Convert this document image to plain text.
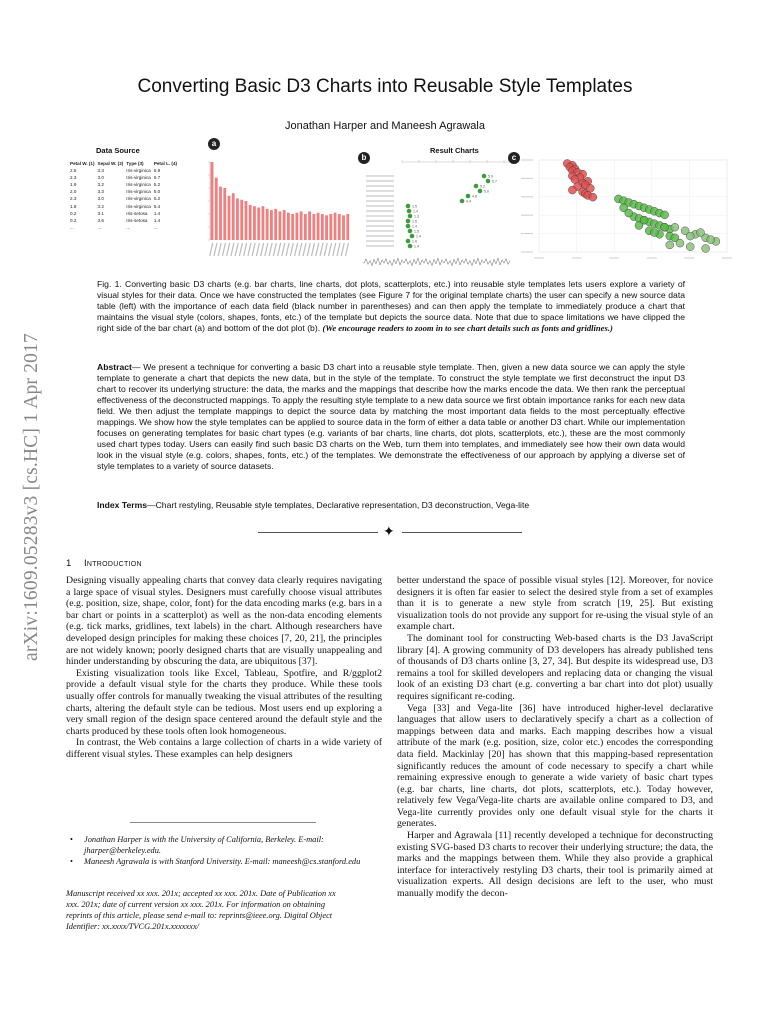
arXiv:1609.05283v3 [cs.HC] 1 Apr 2017
Converting Basic D3 Charts into Reusable Style Templates
Jonathan Harper and Maneesh Agrawala
Data Source
a
Petal W. (1)	Sepal W. (2)	Type (3)	Petal L. (4)
2.5	3.3	Iris-virginica	5.9
2.3	3.0	Iris-virginica	5.7
1.9	3.2	Iris-virginica	5.2
2.0	3.3	Iris-virginica	5.0
2.3	3.0	Iris-virginica	5.2
1.8	3.2	Iris-virginica	5.4
0.2	3.1	Iris-setosa	1.4
0.2	3.6	Iris-setosa	1.4
...	...	...	...
Result Charts
b	c
5.9
5.7
5.2
5.0
4.8
4.4
1.5
1.4
1.3
1.6
1.4
1.5
1.4
1.6
1.4
Fig. 1. Converting basic D3 charts (e.g. bar charts, line charts, dot plots, scatterplots, etc.) into reusable style templates lets users explore a variety of visual styles for their data. Once we have constructed the templates (see Figure 7 for the original template charts) the user can specify a new source data table (left) with the importance of each data field (black number in parentheses) and can then apply the template to immediately produce a chart that maintains the visual style (colors, shapes, fonts, etc.) of the template but depicts the source data. Note that due to space limitations we have clipped the right side of the bar chart (a) and bottom of the dot plot (b). (We encourage readers to zoom in to see chart details such as fonts and gridlines.)
Abstract— We present a technique for converting a basic D3 chart into a reusable style template. Then, given a new data source we can apply the style template to generate a chart that depicts the new data, but in the style of the template. To construct the style template we first deconstruct the input D3 chart to recover its underlying structure: the data, the marks and the mappings that describe how the marks encode the data. We then rank the perceptual effectiveness of the deconstructed mappings. To apply the resulting style template to a new data source we first obtain importance ranks for each new data field. We then adjust the template mappings to depict the source data by matching the most important data fields to the most perceptually effective mappings. We show how the style templates can be applied to source data in the form of either a data table or another D3 chart. While our implementation focuses on generating templates for basic chart types (e.g. variants of bar charts, line charts, dot plots, scatterplots, etc.), these are the most commonly used chart types today. Users can easily find such basic D3 charts on the Web, turn them into templates, and immediately see how their own data would look in the visual style (e.g. colors, shapes, fonts, etc.) of the templates. We demonstrate the effectiveness of our approach by applying a diverse set of style templates to a variety of source datasets.
Index Terms—Chart restyling, Reusable style templates, Declarative representation, D3 deconstruction, Vega-lite
✦
1 Introduction

Designing visually appealing charts that convey data clearly requires navigating a large space of visual styles. Designers must carefully choose visual attributes (e.g. position, size, shape, color, font) for the data encoding marks (e.g. bars in a bar chart or points in a scatterplot) as well as the non-data encoding elements (e.g. tick marks, gridlines, text labels) in the chart. Although researchers have developed design principles for making these choices [7, 20, 21], the principles are not widely known; poorly designed charts that are visually unappealing and hinder understanding by obscuring the data, are ubiquitous [37].

Existing visualization tools like Excel, Tableau, Spotfire, and R/ggplot2 provide a default visual style for the charts they produce. While these tools usually offer controls for manually tweaking the visual attributes of the resulting charts, altering the default style can be tedious. Most users end up exploring a very small region of the design space centered around the default style and the charts produced by these tools often look homogeneous.

In contrast, the Web contains a large collection of charts in a wide variety of different visual styles. These examples can help designers

•	Jonathan Harper is with the University of California, Berkeley. E-mail: jharper@berkeley.edu.
•	Maneesh Agrawala is with Stanford University. E-mail: maneesh@cs.stanford.edu
Manuscript received xx xxx. 201x; accepted xx xxx. 201x. Date of Publication xx xxx. 201x; date of current version xx xxx. 201x. For information on obtaining reprints of this article, please send e-mail to: reprints@ieee.org. Digital Object Identifier: xx.xxxx/TVCG.201x.xxxxxxx/

better understand the space of possible visual styles [12]. Moreover, for novice designers it is often far easier to select the desired style from a set of examples than it is to generate a new style from scratch [19, 25]. But existing visualization tools do not provide any support for re-using the visual style of an example chart.

The dominant tool for constructing Web-based charts is the D3 JavaScript library [4]. A growing community of D3 developers has already published tens of thousands of D3 charts online [3, 27, 34]. But despite its widespread use, D3 remains a tool for skilled developers and replacing data or changing the visual look of an existing D3 chart (e.g. converting a bar chart into dot plot) usually requires significant re-coding.

Vega [33] and Vega-lite [36] have introduced higher-level declarative languages that allow users to declaratively specify a chart as a collection of mappings between data and marks. Each mapping describes how a visual attribute of the mark (e.g. position, size, color etc.) encodes the corresponding data field. Mackinlay [20] has shown that this mapping-based representation significantly reduces the amount of code necessary to specify a chart while remaining expressive enough to generate a wide variety of basic chart types (e.g. bar charts, line charts, dot plots, scatterplots, etc.). Today however, relatively few Vega/Vega-lite charts are available online compared to D3, and Vega-lite currently provides only one default visual style for the charts it generates.

Harper and Agrawala [11] recently developed a technique for deconstructing existing SVG-based D3 charts to recover their underlying structure; the data, the marks and the mappings between them. While they also provide a graphical interface for interactively restyling D3 charts, their tool is primarily aimed at visualization experts. All design decisions are left to the user, who must manually modify the decon-
